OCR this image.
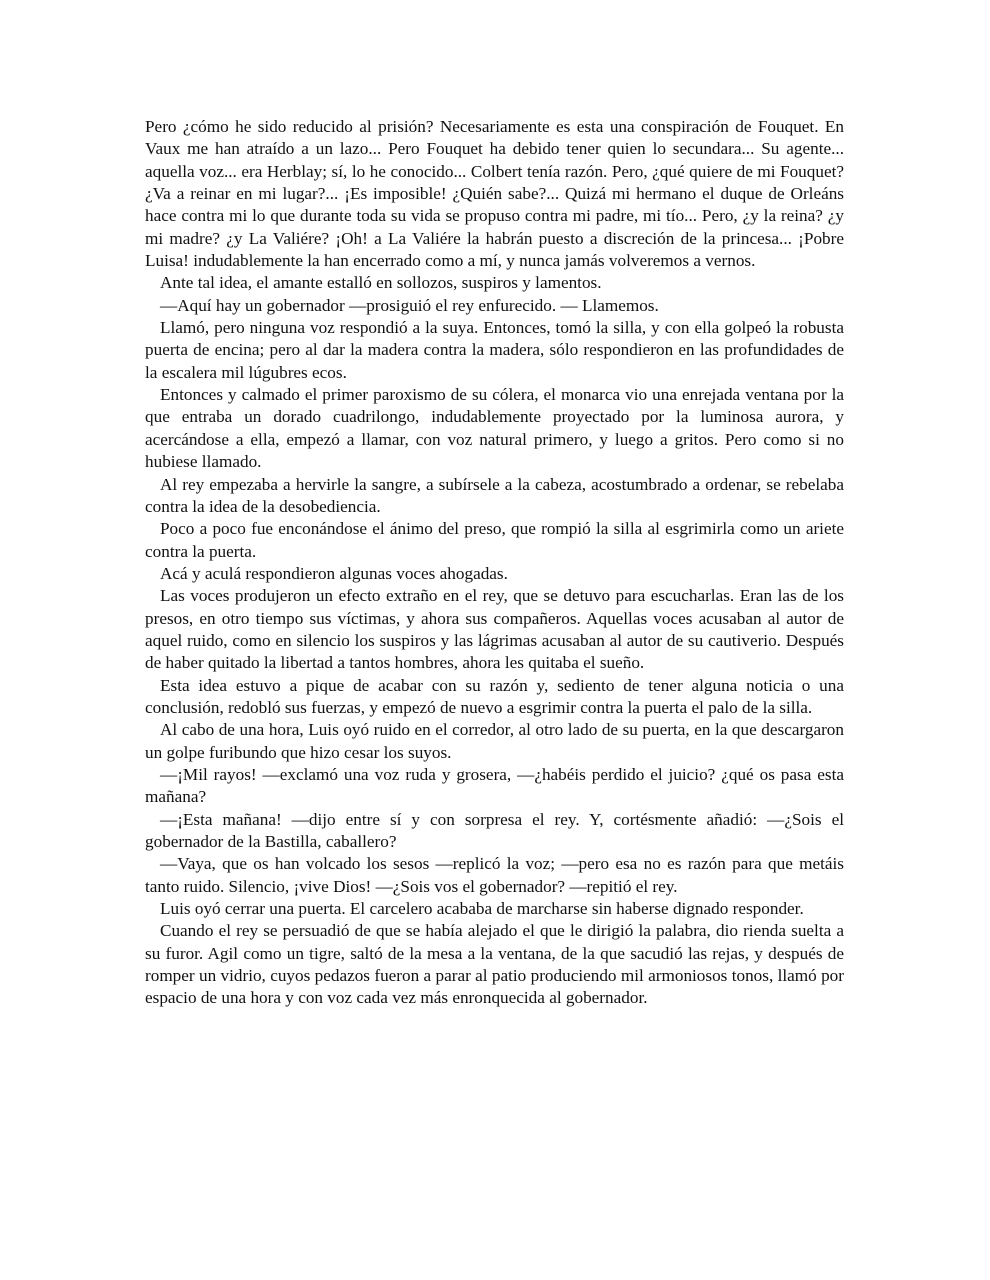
Pero ¿cómo he sido reducido al prisión? Necesariamente es esta una conspiración de Fouquet. En Vaux me han atraído a un lazo... Pero Fouquet ha debido tener quien lo secundara... Su agente... aquella voz... era Herblay; sí, lo he conocido... Colbert tenía razón. Pero, ¿qué quiere de mi Fouquet? ¿Va a reinar en mi lugar?... ¡Es imposible! ¿Quién sabe?... Quizá mi hermano el duque de Orleáns hace contra mi lo que durante toda su vida se propuso contra mi padre, mi tío... Pero, ¿y la reina? ¿y mi madre? ¿y La Valiére? ¡Oh! a La Valiére la habrán puesto a discreción de la princesa... ¡Pobre Luisa! indudablemente la han encerrado como a mí, y nunca jamás volveremos a vernos.

Ante tal idea, el amante estalló en sollozos, suspiros y lamentos.

—Aquí hay un gobernador —prosiguió el rey enfurecido. — Llamemos.

Llamó, pero ninguna voz respondió a la suya. Entonces, tomó la silla, y con ella golpeó la robusta puerta de encina; pero al dar la madera contra la madera, sólo respondieron en las profundidades de la escalera mil lúgubres ecos.

Entonces y calmado el primer paroxismo de su cólera, el monarca vio una enrejada ventana por la que entraba un dorado cuadrilongo, indudablemente proyectado por la luminosa aurora, y acercándose a ella, empezó a llamar, con voz natural primero, y luego a gritos. Pero como si no hubiese llamado.

Al rey empezaba a hervirle la sangre, a subírsele a la cabeza, acostumbrado a ordenar, se rebelaba contra la idea de la desobediencia.

Poco a poco fue enconándose el ánimo del preso, que rompió la silla al esgrimirla como un ariete contra la puerta.

Acá y aculá respondieron algunas voces ahogadas.

Las voces produjeron un efecto extraño en el rey, que se detuvo para escucharlas. Eran las de los presos, en otro tiempo sus víctimas, y ahora sus compañeros. Aquellas voces acusaban al autor de aquel ruido, como en silencio los suspiros y las lágrimas acusaban al autor de su cautiverio. Después de haber quitado la libertad a tantos hombres, ahora les quitaba el sueño.

Esta idea estuvo a pique de acabar con su razón y, sediento de tener alguna noticia o una conclusión, redobló sus fuerzas, y empezó de nuevo a esgrimir contra la puerta el palo de la silla.

Al cabo de una hora, Luis oyó ruido en el corredor, al otro lado de su puerta, en la que descargaron un golpe furibundo que hizo cesar los suyos.

—¡Mil rayos! —exclamó una voz ruda y grosera, —¿habéis perdido el juicio? ¿qué os pasa esta mañana?

—¡Esta mañana! —dijo entre sí y con sorpresa el rey. Y, cortésmente añadió: —¿Sois el gobernador de la Bastilla, caballero?

—Vaya, que os han volcado los sesos —replicó la voz; —pero esa no es razón para que metáis tanto ruido. Silencio, ¡vive Dios! —¿Sois vos el gobernador? —repitió el rey.

Luis oyó cerrar una puerta. El carcelero acababa de marcharse sin haberse dignado responder.

Cuando el rey se persuadió de que se había alejado el que le dirigió la palabra, dio rienda suelta a su furor. Agil como un tigre, saltó de la mesa a la ventana, de la que sacudió las rejas, y después de romper un vidrio, cuyos pedazos fueron a parar al patio produciendo mil armoniosos tonos, llamó por espacio de una hora y con voz cada vez más enronquecida al gobernador.
